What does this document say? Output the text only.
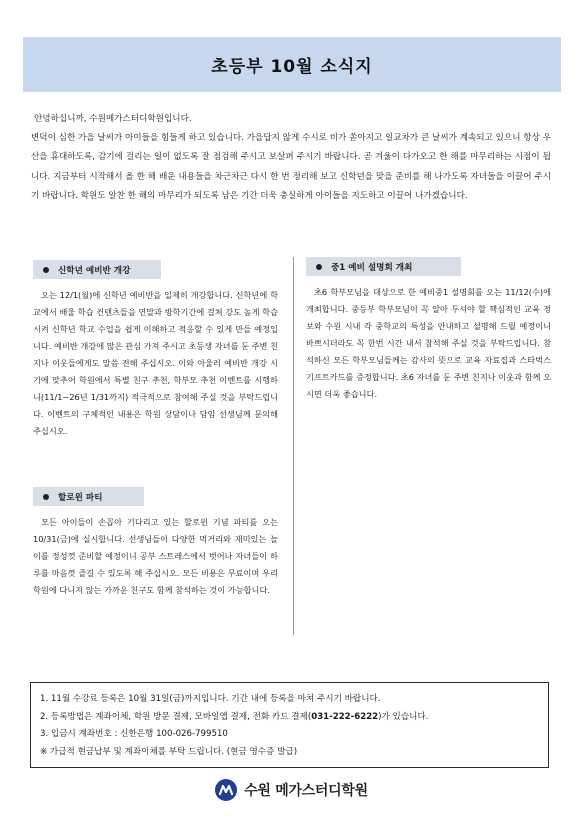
초등부 10월 소식지

안녕하십니까, 수원메가스터디학원입니다.

변덕이 심한 가을 날씨가 아이들을 힘들게 하고 있습니다. 가을답지 않게 수시로 비가 쏟아지고 일교차가 큰 날씨가 계속되고 있으니 항상 우산을 휴대하도록, 감기에 걸리는 일이 없도록 잘 점검해 주시고 보살펴 주시기 바랍니다. 곧 겨울이 다가오고 한 해를 마무리하는 시점이 됩니다. 지금부터 시작해서 올 한 해 배운 내용들을 차근차근 다시 한 번 정리해 보고 신학년을 맞을 준비를 해 나가도록 자녀들을 이끌어 주시기 바랍니다. 학원도 알찬 한 해의 마무리가 되도록 남은 기간 더욱 충실하게 아이들을 지도하고 이끌어 나가겠습니다.

신학년 예비반 개강

오는 12/1(월)에 신학년 예비반을 일제히 개강합니다. 신학년에 학교에서 배울 학습 컨텐츠들을 연말과 방학기간에 걸쳐 강도 높게 학습시켜 신학년 학교 수업을 쉽게 이해하고 적응할 수 있게 만들 예정입니다. 예비반 개강에 많은 관심 가져 주시고 초등생 자녀를 둔 주변 친지나 이웃들에게도 말씀 전해 주십시오. 이와 아울러 예비반 개강 시기에 맞추어 학원에서 특별 친구 추천, 학부모 추천 이벤트를 시행하니(11/1~26년 1/31까지) 적극적으로 참여해 주실 것을 부탁드립니다. 이벤트의 구체적인 내용은 학원 상담이나 담임 선생님께 문의해 주십시오.

할로윈 파티

모든 아이들이 손꼽아 기다리고 있는 할로윈 기념 파티를 오는 10/31(금)에 실시합니다. 선생님들이 다양한 먹거리와 재미있는 놀이를 정성껏 준비할 예정이니 공부 스트레스에서 벗어나 자녀들이 하루를 마음껏 즐길 수 있도록 해 주십시오. 모든 비용은 무료이며 우리 학원에 다니지 않는 가까운 친구도 함께 참석하는 것이 가능합니다.

중1 예비 설명회 개최

초6 학부모님을 대상으로 한 예비중1 설명회를 오는 11/12(수)에 개최합니다. 중등부 학부모님이 꼭 알아 두셔야 할 핵심적인 교육 정보와 수원 시내 각 중학교의 특성을 안내하고 설명해 드릴 예정이니 바쁘시더라도 꼭 한번 시간 내서 참석해 주실 것을 부탁드립니다. 참석하신 모든 학부모님들께는 감사의 뜻으로 교육 자료집과 스타벅스 기프트카드를 증정합니다. 초6 자녀를 둔 주변 친지나 이웃과 함께 오시면 더욱 좋습니다.

1. 11월 수강료 등록은 10월 31일(금)까지입니다. 기간 내에 등록을 마쳐 주시기 바랍니다.
2. 등록방법은 계좌이체, 학원 방문 결제, 모바일앱 결제, 전화 카드 결제(031-222-6222)가 있습니다.
3. 입금시 계좌번호 : 신한은행 100-026-799510
※ 가급적 현금납부 및 계좌이체를 부탁 드립니다. (현금 영수증 발급)
수원 메가스터디학원
